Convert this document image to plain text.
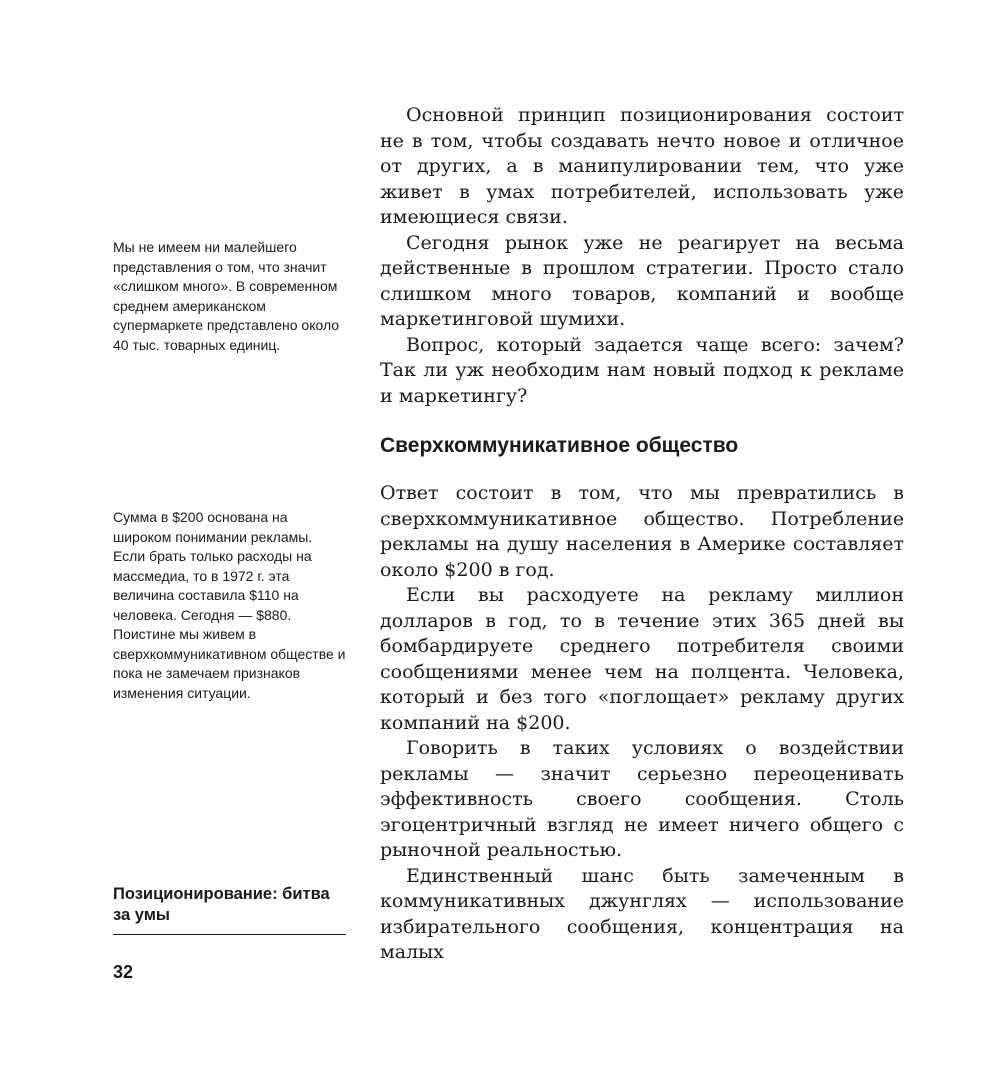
Мы не имеем ни малейшего представления о том, что значит «слишком много». В современном среднем американском супермаркете представлено около 40 тыс. товарных единиц.
Сумма в $200 основана на широком понимании рекламы. Если брать только расходы на массмедиа, то в 1972 г. эта величина составила $110 на человека. Сегодня — $880. Поистине мы живем в сверхкоммуникативном обществе и пока не замечаем признаков изменения ситуации.

Основной принцип позиционирования состоит не в том, чтобы создавать нечто новое и отличное от других, а в манипулировании тем, что уже живет в умах потребителей, использовать уже имеющиеся связи.

Сегодня рынок уже не реагирует на весьма действенные в прошлом стратегии. Просто стало слишком много товаров, компаний и вообще маркетинговой шумихи.

Вопрос, который задается чаще всего: зачем? Так ли уж необходим нам новый подход к рекламе и маркетингу?

Сверхкоммуникативное общество

Ответ состоит в том, что мы превратились в сверхкоммуникативное общество. Потребление рекламы на душу населения в Америке составляет около $200 в год.

Если вы расходуете на рекламу миллион долларов в год, то в течение этих 365 дней вы бомбардируете среднего потребителя своими сообщениями менее чем на полцента. Человека, который и без того «поглощает» рекламу других компаний на $200.

Говорить в таких условиях о воздействии рекламы — значит серьезно переоценивать эффективность своего сообщения. Столь эгоцентричный взгляд не имеет ничего общего с рыночной реальностью.

Единственный шанс быть замеченным в коммуникативных джунглях — использование избирательного сообщения, концентрация на малых

Позиционирование: битва за умы
32
